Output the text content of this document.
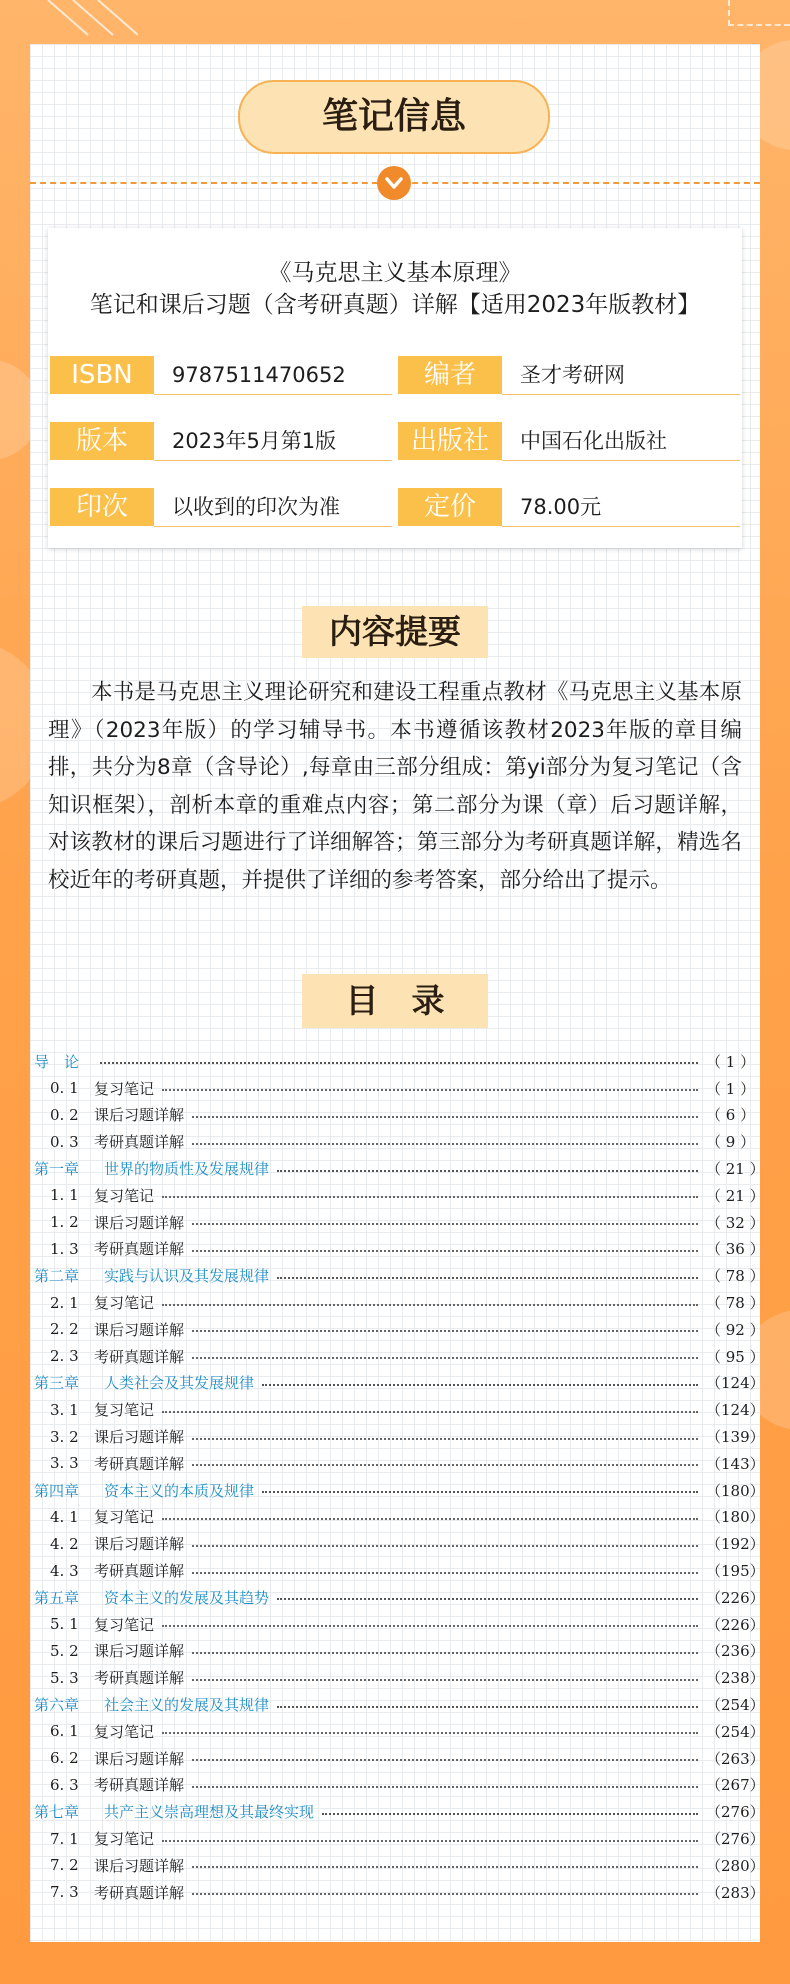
笔记信息
《马克思主义基本原理》
笔记和课后习题（含考研真题）详解【适用2023年版教材】
ISBN	9787511470652	编者	圣才考研网
版本	2023年5月第1版	出版社	中国石化出版社
印次	以收到的印次为准	定价	78.00元
内容提要
本书是马克思主义理论研究和建设工程重点教材《马克思主义基本原理》（2023年版）的学习辅导书。本书遵循该教材2023年版的章目编排，共分为8章（含导论）,每章由三部分组成：第yi部分为复习笔记（含知识框架），剖析本章的重难点内容；第二部分为课（章）后习题详解，对该教材的课后习题进行了详细解答；第三部分为考研真题详解，精选名校近年的考研真题，并提供了详细的参考答案，部分给出了提示。
目　录
导　论	（ 1 ）
0. 1	复习笔记	（ 1 ）
0. 2	课后习题详解	（ 6 ）
0. 3	考研真题详解	（ 9 ）
第一章	世界的物质性及发展规律	（ 21 ）
1. 1	复习笔记	（ 21 ）
1. 2	课后习题详解	（ 32 ）
1. 3	考研真题详解	（ 36 ）
第二章	实践与认识及其发展规律	（ 78 ）
2. 1	复习笔记	（ 78 ）
2. 2	课后习题详解	（ 92 ）
2. 3	考研真题详解	（ 95 ）
第三章	人类社会及其发展规律	（124）
3. 1	复习笔记	（124）
3. 2	课后习题详解	（139）
3. 3	考研真题详解	（143）
第四章	资本主义的本质及规律	（180）
4. 1	复习笔记	（180）
4. 2	课后习题详解	（192）
4. 3	考研真题详解	（195）
第五章	资本主义的发展及其趋势	（226）
5. 1	复习笔记	（226）
5. 2	课后习题详解	（236）
5. 3	考研真题详解	（238）
第六章	社会主义的发展及其规律	（254）
6. 1	复习笔记	（254）
6. 2	课后习题详解	（263）
6. 3	考研真题详解	（267）
第七章	共产主义崇高理想及其最终实现	（276）
7. 1	复习笔记	（276）
7. 2	课后习题详解	（280）
7. 3	考研真题详解	（283）
